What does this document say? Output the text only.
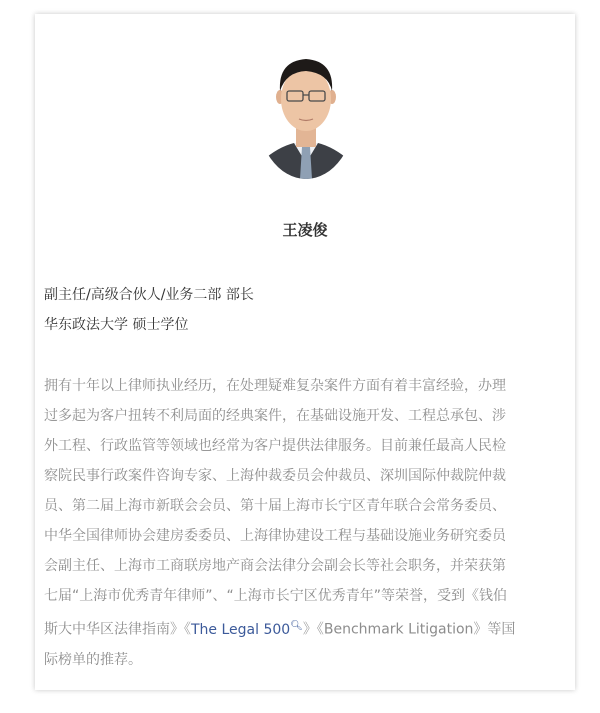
王凌俊
副主任/高级合伙人/业务二部 部长
华东政法大学 硕士学位
拥有十年以上律师执业经历，在处理疑难复杂案件方面有着丰富经验，办理
过多起为客户扭转不利局面的经典案件，在基础设施开发、工程总承包、涉
外工程、行政监管等领域也经常为客户提供法律服务。目前兼任最高人民检
察院民事行政案件咨询专家、上海仲裁委员会仲裁员、深圳国际仲裁院仲裁
员、第二届上海市新联会会员、第十届上海市长宁区青年联合会常务委员、
中华全国律师协会建房委委员、上海律协建设工程与基础设施业务研究委员
会副主任、上海市工商联房地产商会法律分会副会长等社会职务，并荣获第
七届“上海市优秀青年律师”、“上海市长宁区优秀青年”等荣誉，受到《钱伯
斯大中华区法律指南》《The Legal 500🔍︎》《Benchmark Litigation》等国
际榜单的推荐。
